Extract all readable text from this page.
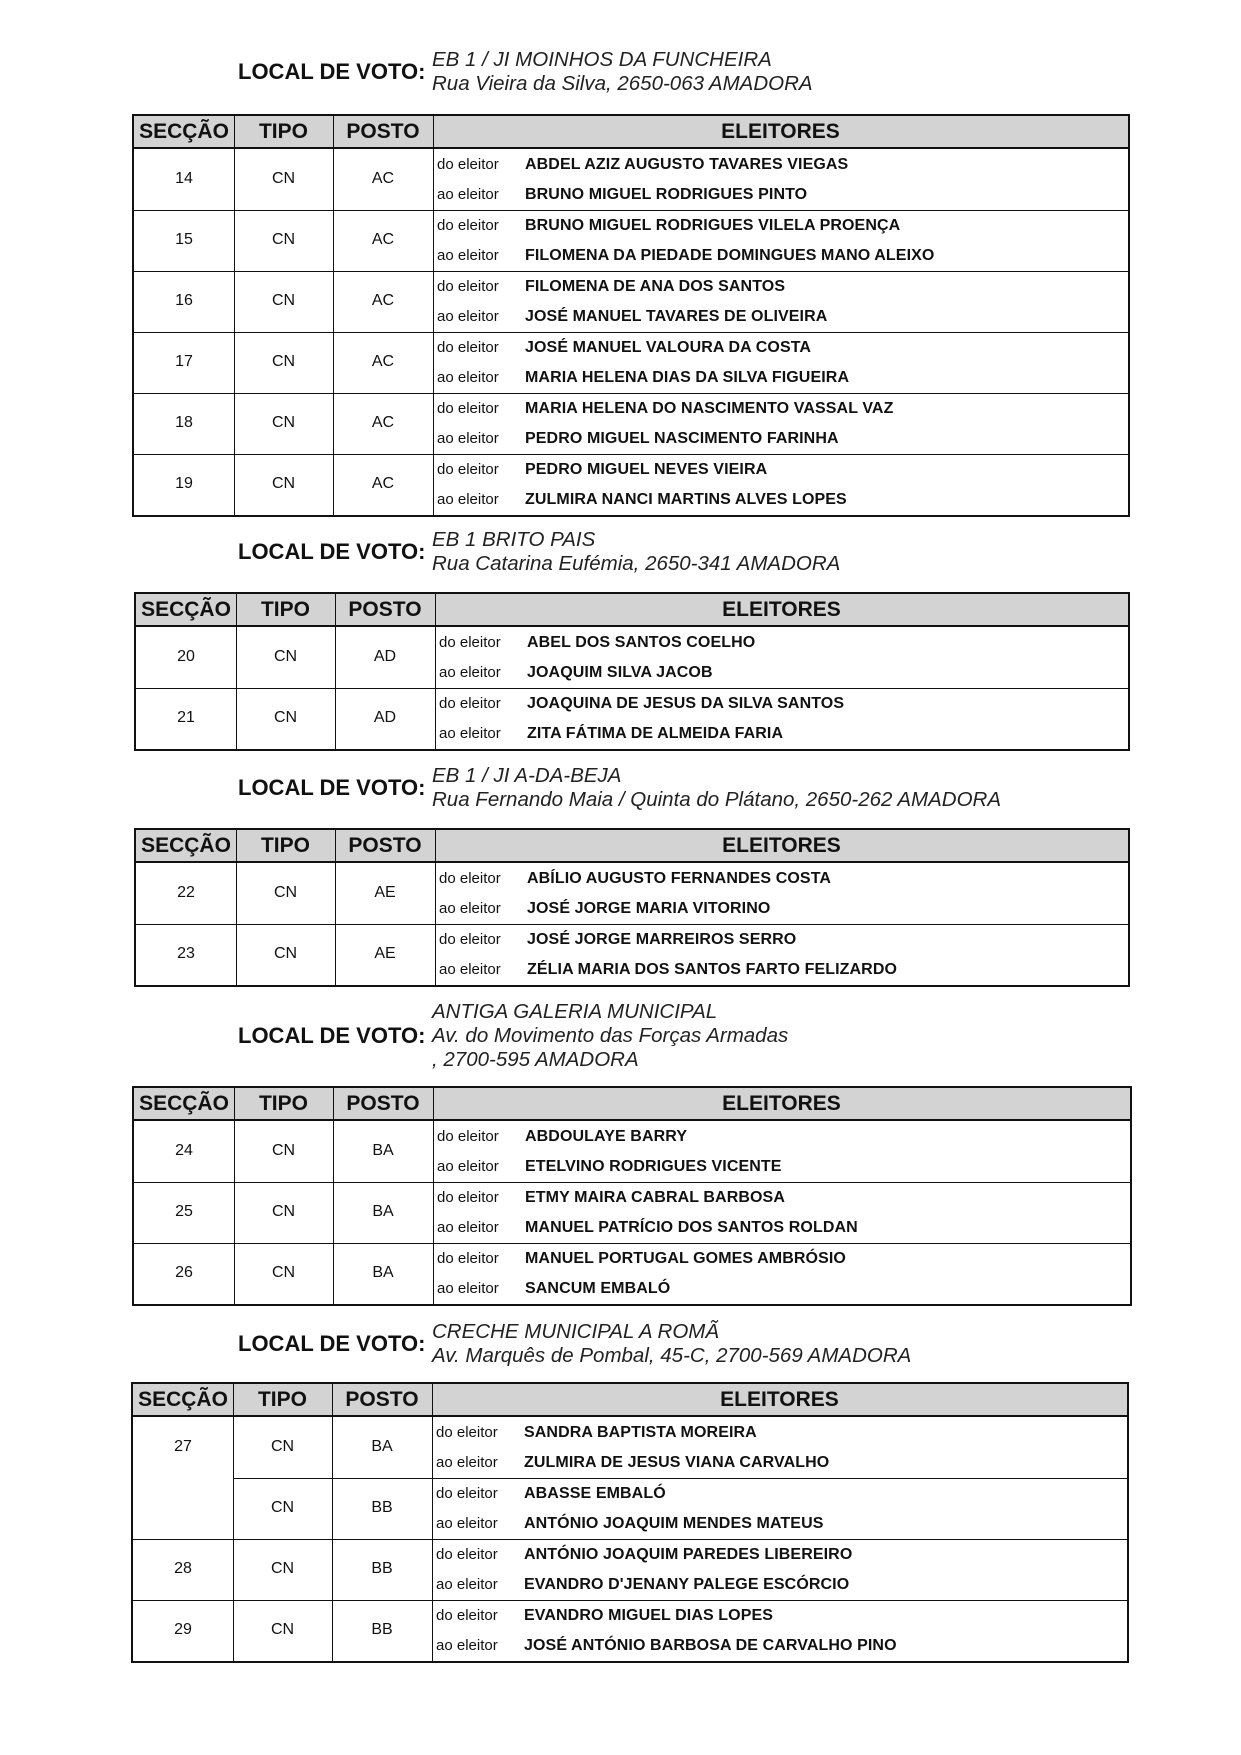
LOCAL DE VOTO: EB 1 / JI MOINHOS DA FUNCHEIRA
Rua Vieira da Silva, 2650-063 AMADORA
SECÇÃO	TIPO	POSTO	ELEITORES
14	CN	AC
do eleitor ABDEL AZIZ AUGUSTO TAVARES VIEGAS
ao eleitor BRUNO MIGUEL RODRIGUES PINTO
15	CN	AC
do eleitor BRUNO MIGUEL RODRIGUES VILELA PROENÇA
ao eleitor FILOMENA DA PIEDADE DOMINGUES MANO ALEIXO
16	CN	AC
do eleitor FILOMENA DE ANA DOS SANTOS
ao eleitor JOSÉ MANUEL TAVARES DE OLIVEIRA
17	CN	AC
do eleitor JOSÉ MANUEL VALOURA DA COSTA
ao eleitor MARIA HELENA DIAS DA SILVA FIGUEIRA
18	CN	AC
do eleitor MARIA HELENA DO NASCIMENTO VASSAL VAZ
ao eleitor PEDRO MIGUEL NASCIMENTO FARINHA
19	CN	AC
do eleitor PEDRO MIGUEL NEVES VIEIRA
ao eleitor ZULMIRA NANCI MARTINS ALVES LOPES
LOCAL DE VOTO: EB 1 BRITO PAIS
Rua Catarina Eufémia, 2650-341 AMADORA
SECÇÃO	TIPO	POSTO	ELEITORES
20	CN	AD
do eleitor ABEL DOS SANTOS COELHO
ao eleitor JOAQUIM SILVA JACOB
21	CN	AD
do eleitor JOAQUINA DE JESUS DA SILVA SANTOS
ao eleitor ZITA FÁTIMA DE ALMEIDA FARIA
LOCAL DE VOTO: EB 1 / JI A-DA-BEJA
Rua Fernando Maia / Quinta do Plátano, 2650-262 AMADORA
SECÇÃO	TIPO	POSTO	ELEITORES
22	CN	AE
do eleitor ABÍLIO AUGUSTO FERNANDES COSTA
ao eleitor JOSÉ JORGE MARIA VITORINO
23	CN	AE
do eleitor JOSÉ JORGE MARREIROS SERRO
ao eleitor ZÉLIA MARIA DOS SANTOS FARTO FELIZARDO
LOCAL DE VOTO:
ANTIGA GALERIA MUNICIPAL
Av. do Movimento das Forças Armadas
, 2700-595 AMADORA
SECÇÃO	TIPO	POSTO	ELEITORES
24	CN	BA
do eleitor ABDOULAYE BARRY
ao eleitor ETELVINO RODRIGUES VICENTE
25	CN	BA
do eleitor ETMY MAIRA CABRAL BARBOSA
ao eleitor MANUEL PATRÍCIO DOS SANTOS ROLDAN
26	CN	BA
do eleitor MANUEL PORTUGAL GOMES AMBRÓSIO
ao eleitor SANCUM EMBALÓ
LOCAL DE VOTO: CRECHE MUNICIPAL A ROMÃ
Av. Marquês de Pombal, 45-C, 2700-569 AMADORA
SECÇÃO	TIPO	POSTO	ELEITORES
27	CN	BA
do eleitor SANDRA BAPTISTA MOREIRA
ao eleitor ZULMIRA DE JESUS VIANA CARVALHO
CN	BB
do eleitor ABASSE EMBALÓ
ao eleitor ANTÓNIO JOAQUIM MENDES MATEUS
28	CN	BB
do eleitor ANTÓNIO JOAQUIM PAREDES LIBEREIRO
ao eleitor EVANDRO D'JENANY PALEGE ESCÓRCIO
29	CN	BB
do eleitor EVANDRO MIGUEL DIAS LOPES
ao eleitor JOSÉ ANTÓNIO BARBOSA DE CARVALHO PINO
